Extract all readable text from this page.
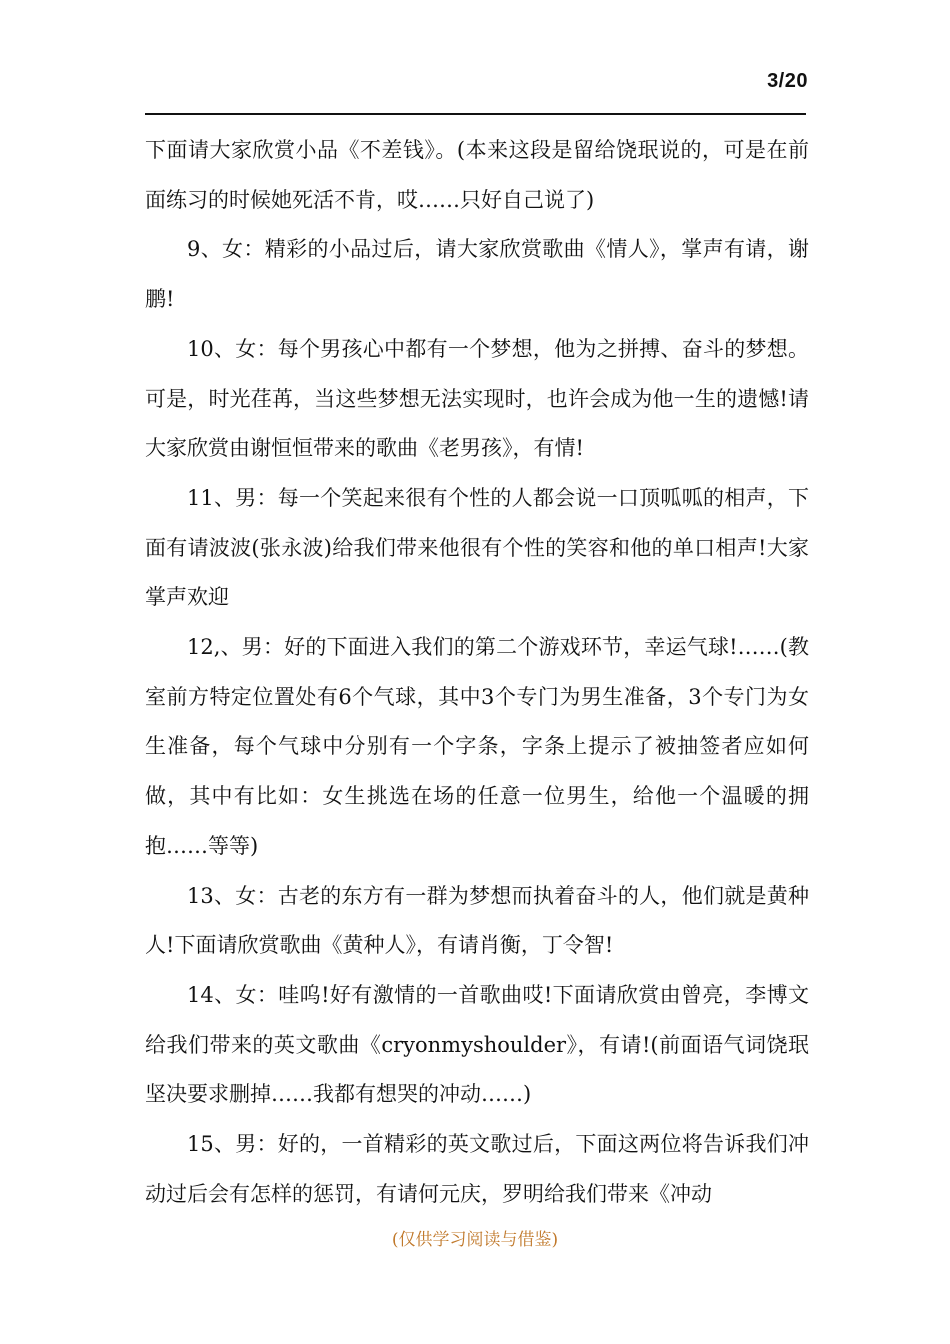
3/20

下面请大家欣赏小品《不差钱》。(本来这段是留给饶珉说的，可是在前面练习的时候她死活不肯，哎……只好自己说了)

9、女：精彩的小品过后，请大家欣赏歌曲《情人》，掌声有请，谢鹏!

10、女：每个男孩心中都有一个梦想，他为之拼搏、奋斗的梦想。可是，时光荏苒，当这些梦想无法实现时，也许会成为他一生的遗憾!请大家欣赏由谢恒恒带来的歌曲《老男孩》，有情!

11、男：每一个笑起来很有个性的人都会说一口顶呱呱的相声，下面有请波波(张永波)给我们带来他很有个性的笑容和他的单口相声!大家掌声欢迎

12,、男：好的下面进入我们的第二个游戏环节，幸运气球!……(教室前方特定位置处有6个气球，其中3个专门为男生准备，3个专门为女生准备，每个气球中分别有一个字条，字条上提示了被抽签者应如何做，其中有比如：女生挑选在场的任意一位男生，给他一个温暖的拥抱……等等)

13、女：古老的东方有一群为梦想而执着奋斗的人，他们就是黄种人!下面请欣赏歌曲《黄种人》，有请肖衡，丁令智!

14、女：哇呜!好有激情的一首歌曲哎!下面请欣赏由曾亮，李博文给我们带来的英文歌曲《cryonmyshoulder》，有请!(前面语气词饶珉坚决要求删掉……我都有想哭的冲动……)

15、男：好的，一首精彩的英文歌过后，下面这两位将告诉我们冲动过后会有怎样的惩罚，有请何元庆，罗明给我们带来《冲动

(仅供学习阅读与借鉴)
